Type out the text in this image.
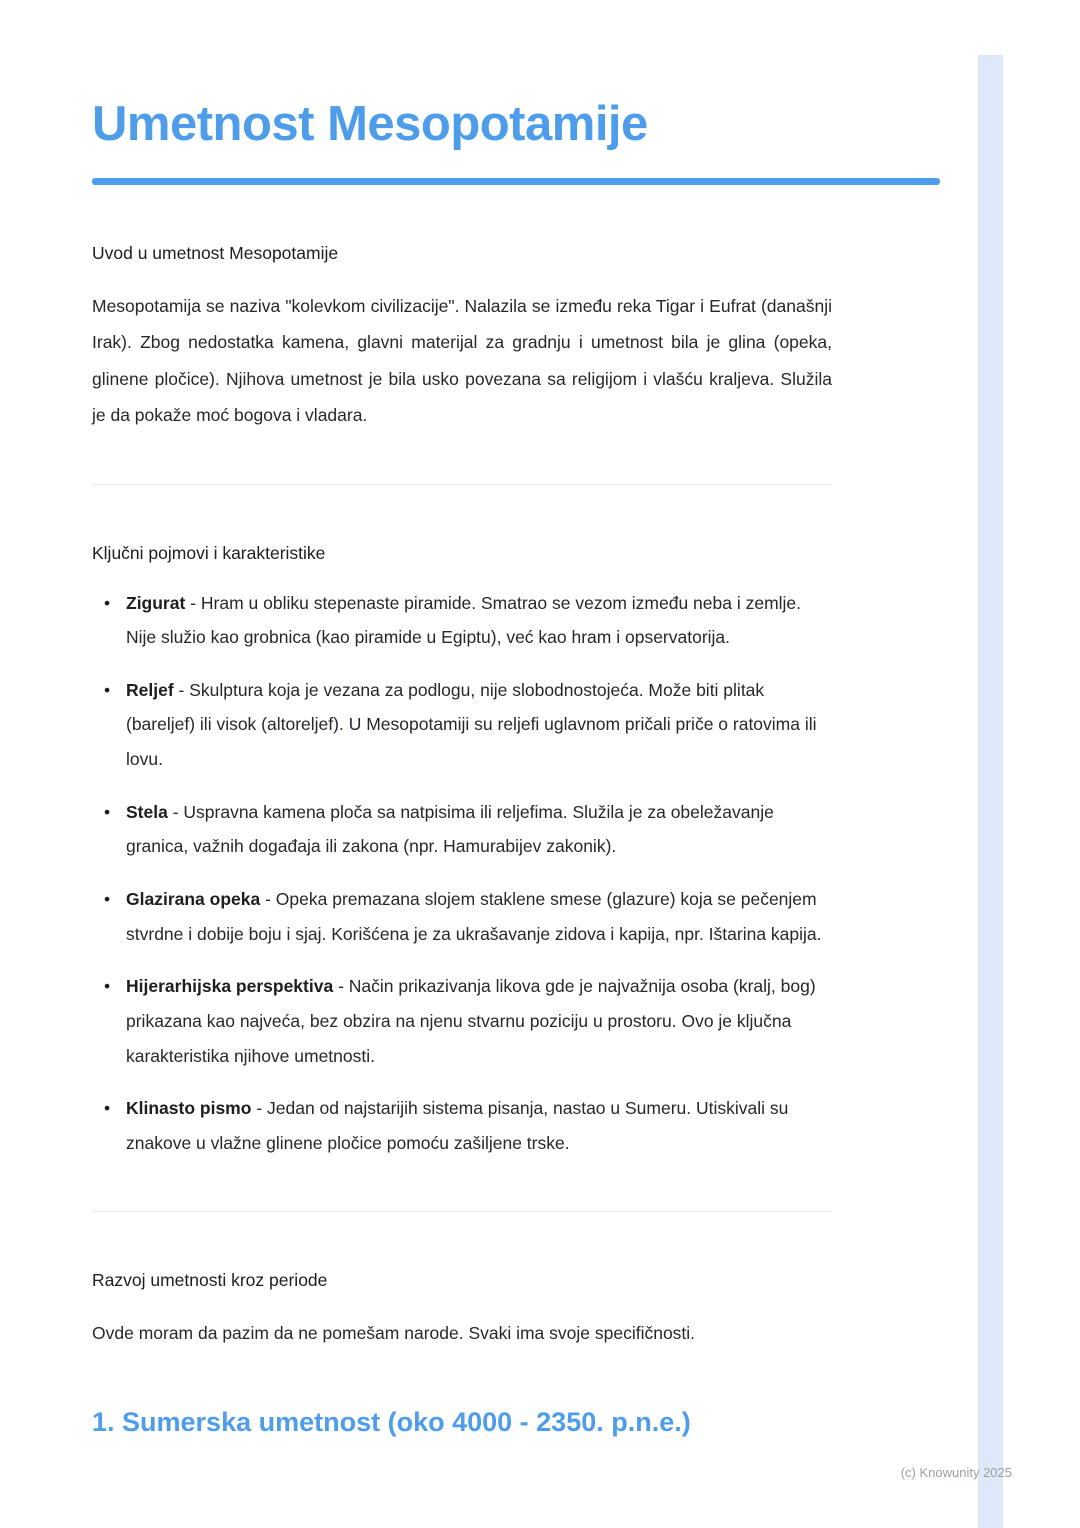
Umetnost Mesopotamije

Uvod u umetnost Mesopotamije

Mesopotamija se naziva "kolevkom civilizacije". Nalazila se između reka Tigar i Eufrat (današnji Irak). Zbog nedostatka kamena, glavni materijal za gradnju i umetnost bila je glina (opeka, glinene pločice). Njihova umetnost je bila usko povezana sa religijom i vlašću kraljeva. Služila je da pokaže moć bogova i vladara.

Ključni pojmovi i karakteristike

• Zigurat - Hram u obliku stepenaste piramide. Smatrao se vezom između neba i zemlje. Nije služio kao grobnica (kao piramide u Egiptu), već kao hram i opservatorija.
• Reljef - Skulptura koja je vezana za podlogu, nije slobodnostojeća. Može biti plitak (bareljef) ili visok (altoreljef). U Mesopotamiji su reljefi uglavnom pričali priče o ratovima ili lovu.
• Stela - Uspravna kamena ploča sa natpisima ili reljefima. Služila je za obeležavanje granica, važnih događaja ili zakona (npr. Hamurabijev zakonik).
• Glazirana opeka - Opeka premazana slojem staklene smese (glazure) koja se pečenjem stvrdne i dobije boju i sjaj. Korišćena je za ukrašavanje zidova i kapija, npr. Ištarina kapija.
• Hijerarhijska perspektiva - Način prikazivanja likova gde je najvažnija osoba (kralj, bog) prikazana kao najveća, bez obzira na njenu stvarnu poziciju u prostoru. Ovo je ključna karakteristika njihove umetnosti.
• Klinasto pismo - Jedan od najstarijih sistema pisanja, nastao u Sumeru. Utiskivali su znakove u vlažne glinene pločice pomoću zašiljene trske.

Razvoj umetnosti kroz periode

Ovde moram da pazim da ne pomešam narode. Svaki ima svoje specifičnosti.

1. Sumerska umetnost (oko 4000 - 2350. p.n.e.)
(c) Knowunity 2025
